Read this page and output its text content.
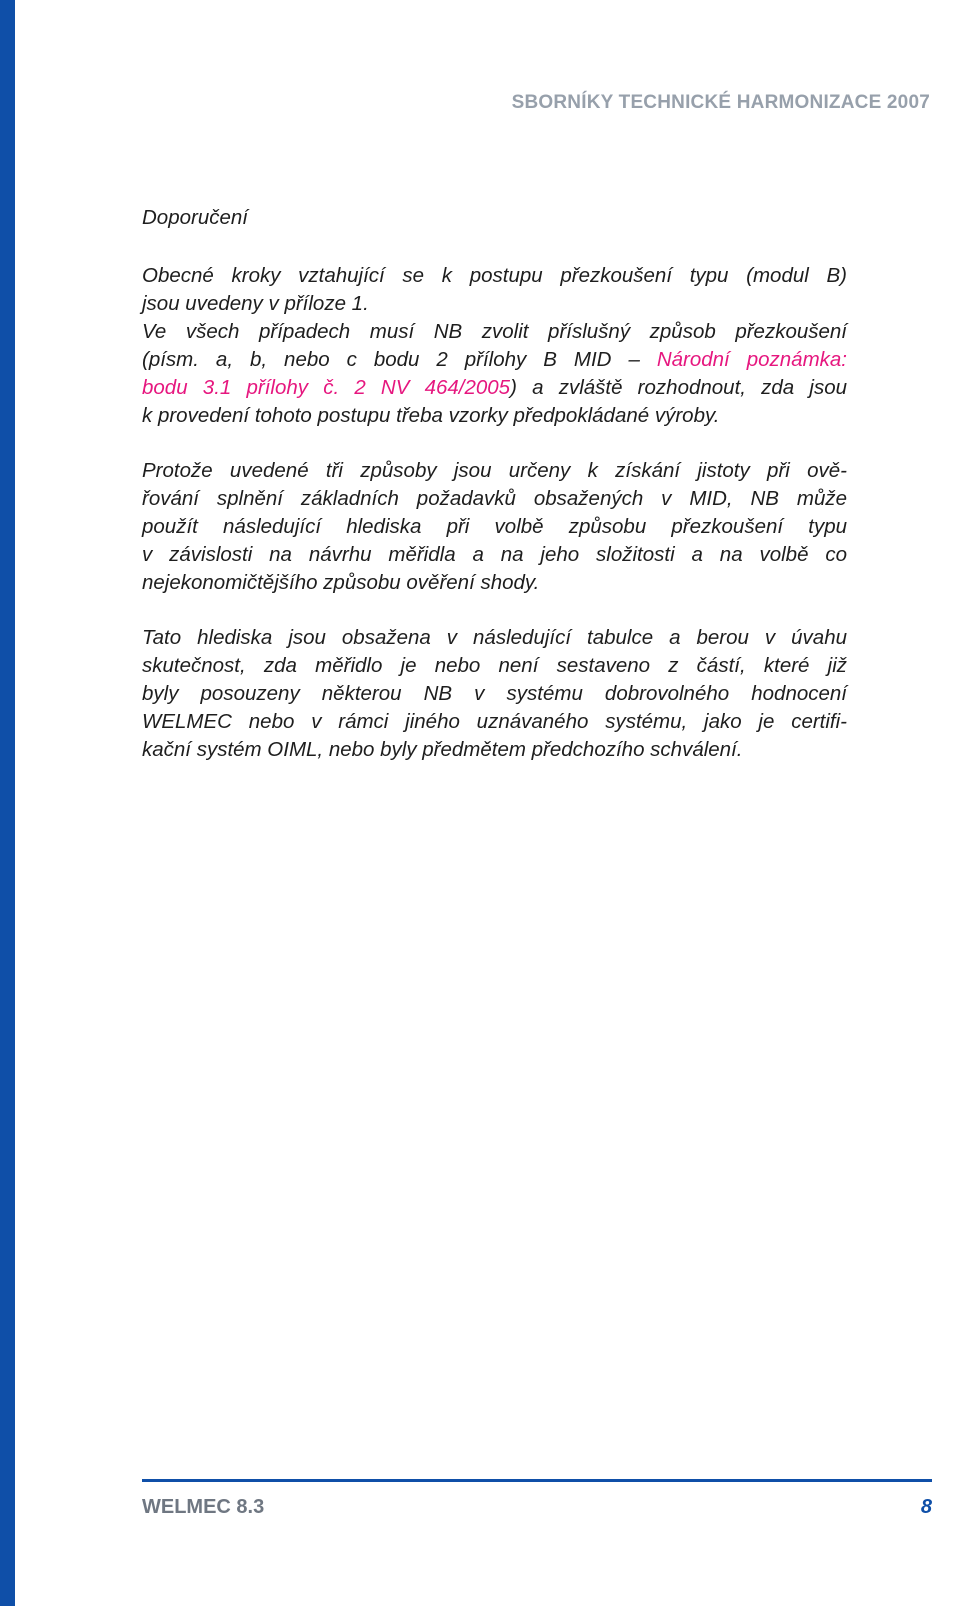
SBORNÍKY TECHNICKÉ HARMONIZACE 2007

Doporučení

Obecné kroky vztahující se k postupu přezkoušení typu (modul B)
jsou uvedeny v příloze 1.
Ve všech případech musí NB zvolit příslušný způsob přezkoušení
(písm. a, b, nebo c bodu 2 přílohy B MID – Národní poznámka:
bodu 3.1 přílohy č. 2 NV 464/2005) a zvláště rozhodnout, zda jsou
k provedení tohoto postupu třeba vzorky předpokládané výroby.

Protože uvedené tři způsoby jsou určeny k získání jistoty při ově-
řování splnění základních požadavků obsažených v MID, NB může
použít následující hlediska při volbě způsobu přezkoušení typu
v závislosti na návrhu měřidla a na jeho složitosti a na volbě co
nejekonomičtějšího způsobu ověření shody.

Tato hlediska jsou obsažena v následující tabulce a berou v úvahu
skutečnost, zda měřidlo je nebo není sestaveno z částí, které již
byly posouzeny některou NB v systému dobrovolného hodnocení
WELMEC nebo v rámci jiného uznávaného systému, jako je certifi-
kační systém OIML, nebo byly předmětem předchozího schválení.

WELMEC 8.3	8
